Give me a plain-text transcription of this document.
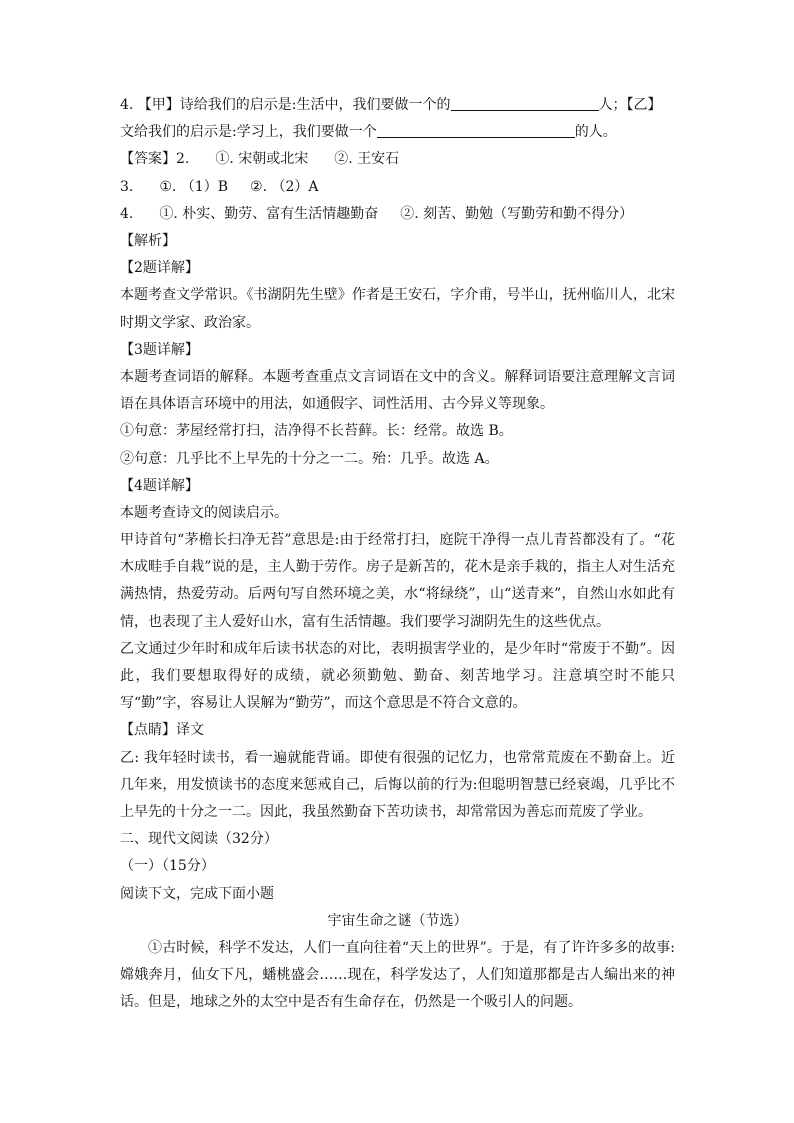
4. 【甲】诗给我们的启示是:生活中，我们要做一个的	人；【乙】
文给我们的启示是:学习上，我们要做一个	的人。
【答案】2. ①. 宋朝或北宋 ②. 王安石
3. ①. （1）B ②. （2）A
4. ①. 朴实、勤劳、富有生活情趣勤奋 ②. 刻苦、勤勉（写勤劳和勤不得分）
【解析】
【2题详解】
本题考查文学常识。《书湖阴先生壁》作者是王安石，字介甫，号半山，抚州临川人，北宋时期文学家、政治家。
【3题详解】
本题考查词语的解释。本题考查重点文言词语在文中的含义。解释词语要注意理解文言词语在具体语言环境中的用法，如通假字、词性活用、古今异义等现象。
①句意：茅屋经常打扫，洁净得不长苔藓。长：经常。故选 B。
②句意：几乎比不上早先的十分之一二。殆：几乎。故选 A。
【4题详解】
本题考查诗文的阅读启示。
甲诗首句“茅檐长扫净无苔”意思是:由于经常打扫，庭院干净得一点儿青苔都没有了。“花木成畦手自栽”说的是，主人勤于劳作。房子是新苫的，花木是亲手栽的，指主人对生活充满热情，热爱劳动。后两句写自然环境之美，水“将绿绕”，山“送青来”，自然山水如此有情，也表现了主人爱好山水，富有生活情趣。我们要学习湖阴先生的这些优点。
乙文通过少年时和成年后读书状态的对比，表明损害学业的，是少年时“常废于不勤”。因此，我们要想取得好的成绩，就必须勤勉、勤奋、刻苦地学习。注意填空时不能只写“勤”字，容易让人误解为“勤劳”，而这个意思是不符合文意的。
【点睛】译文
乙: 我年轻时读书，看一遍就能背诵。即使有很强的记忆力，也常常荒废在不勤奋上。近几年来，用发愤读书的态度来惩戒自己，后悔以前的行为:但聪明智慧已经衰竭，几乎比不上早先的十分之一二。因此，我虽然勤奋下苦功读书，却常常因为善忘而荒废了学业。
二、现代文阅读（32分）
（一）（15分）
阅读下文，完成下面小题
宇宙生命之谜（节选）
①古时候，科学不发达，人们一直向往着“天上的世界”。于是，有了许许多多的故事:嫦娥奔月，仙女下凡，蟠桃盛会……现在，科学发达了，人们知道那都是古人编出来的神话。但是，地球之外的太空中是否有生命存在，仍然是一个吸引人的问题。
